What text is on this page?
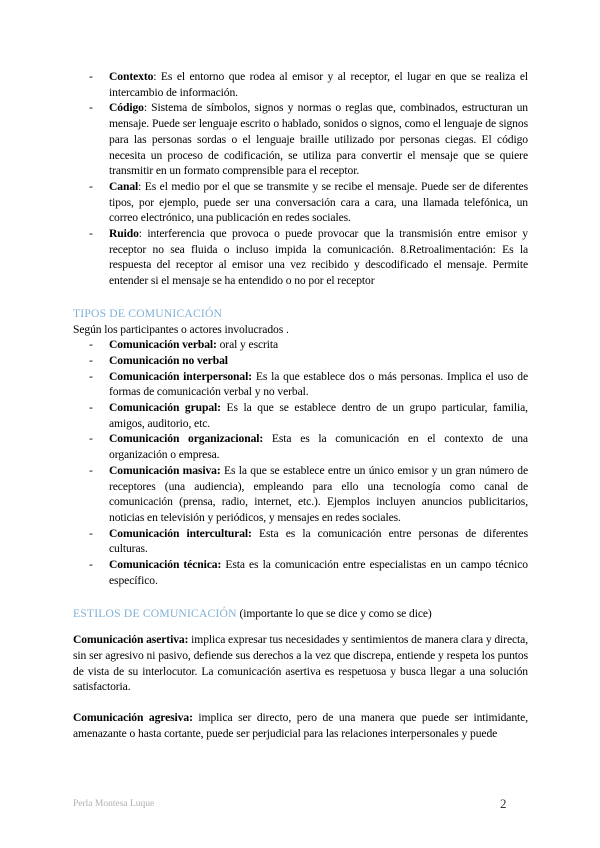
- Contexto: Es el entorno que rodea al emisor y al receptor, el lugar en que se realiza el intercambio de información.
- Código: Sistema de símbolos, signos y normas o reglas que, combinados, estructuran un mensaje. Puede ser lenguaje escrito o hablado, sonidos o signos, como el lenguaje de signos para las personas sordas o el lenguaje braille utilizado por personas ciegas. El código necesita un proceso de codificación, se utiliza para convertir el mensaje que se quiere transmitir en un formato comprensible para el receptor.
- Canal: Es el medio por el que se transmite y se recibe el mensaje. Puede ser de diferentes tipos, por ejemplo, puede ser una conversación cara a cara, una llamada telefónica, un correo electrónico, una publicación en redes sociales.
- Ruido: interferencia que provoca o puede provocar que la transmisión entre emisor y receptor no sea fluida o incluso impida la comunicación. 8.Retroalimentación: Es la respuesta del receptor al emisor una vez recibido y descodificado el mensaje. Permite entender si el mensaje se ha entendido o no por el receptor
TIPOS DE COMUNICACIÓN

Según los participantes o actores involucrados .

- Comunicación verbal: oral y escrita
- Comunicación no verbal
- Comunicación interpersonal: Es la que establece dos o más personas. Implica el uso de formas de comunicación verbal y no verbal.
- Comunicación grupal: Es la que se establece dentro de un grupo particular, familia, amigos, auditorio, etc.
- Comunicación organizacional: Esta es la comunicación en el contexto de una organización o empresa.
- Comunicación masiva: Es la que se establece entre un único emisor y un gran número de receptores (una audiencia), empleando para ello una tecnología como canal de comunicación (prensa, radio, internet, etc.). Ejemplos incluyen anuncios publicitarios, noticias en televisión y periódicos, y mensajes en redes sociales.
- Comunicación intercultural: Esta es la comunicación entre personas de diferentes culturas.
- Comunicación técnica: Esta es la comunicación entre especialistas en un campo técnico específico.
ESTILOS DE COMUNICACIÓN (importante lo que se dice y como se dice)

Comunicación asertiva: implica expresar tus necesidades y sentimientos de manera clara y directa, sin ser agresivo ni pasivo, defiende sus derechos a la vez que discrepa, entiende y respeta los puntos de vista de su interlocutor. La comunicación asertiva es respetuosa y busca llegar a una solución satisfactoria.

Comunicación agresiva: implica ser directo, pero de una manera que puede ser intimidante, amenazante o hasta cortante, puede ser perjudicial para las relaciones interpersonales y puede

Perla Montesa Luque	2
